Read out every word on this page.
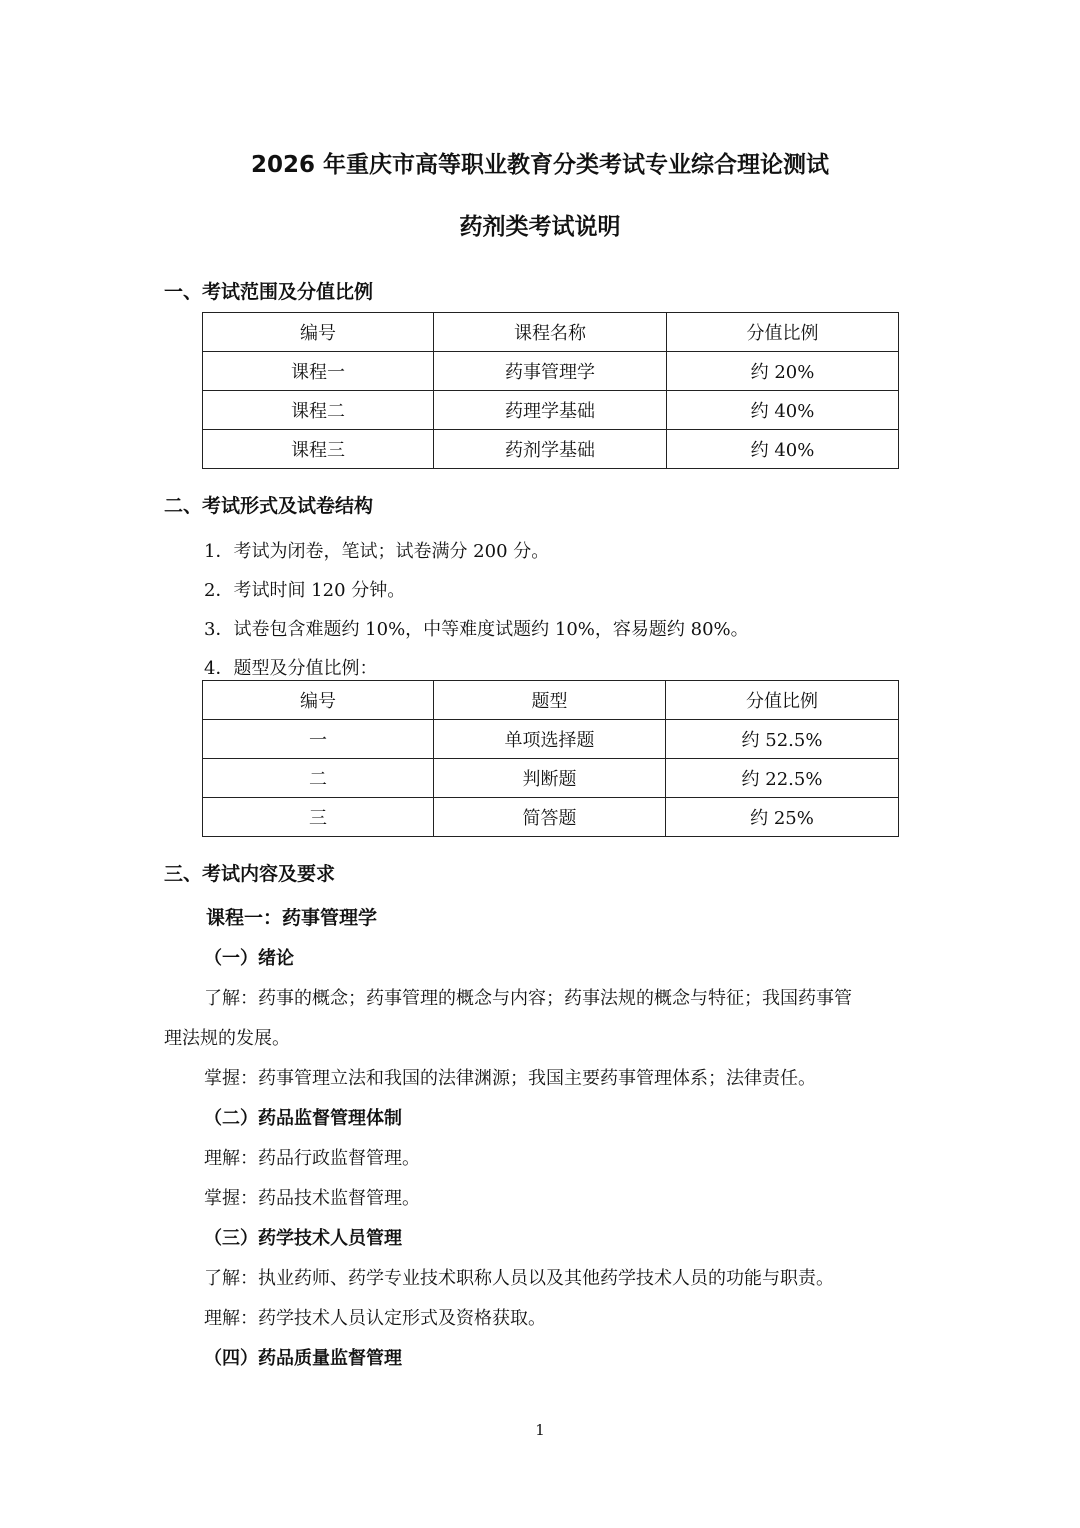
2026 年重庆市高等职业教育分类考试专业综合理论测试
药剂类考试说明
一、考试范围及分值比例
编号	课程名称	分值比例
课程一	药事管理学	约 20%
课程二	药理学基础	约 40%
课程三	药剂学基础	约 40%
二、考试形式及试卷结构
1．考试为闭卷，笔试；试卷满分 200 分。
2．考试时间 120 分钟。
3．试卷包含难题约 10%，中等难度试题约 10%，容易题约 80%。
4．题型及分值比例：
编号	题型	分值比例
一	单项选择题	约 52.5%
二	判断题	约 22.5%
三	简答题	约 25%
三、考试内容及要求
课程一：药事管理学
（一）绪论
了解：药事的概念；药事管理的概念与内容；药事法规的概念与特征；我国药事管
理法规的发展。
掌握：药事管理立法和我国的法律渊源；我国主要药事管理体系；法律责任。
（二）药品监督管理体制
理解：药品行政监督管理。
掌握：药品技术监督管理。
（三）药学技术人员管理
了解：执业药师、药学专业技术职称人员以及其他药学技术人员的功能与职责。
理解：药学技术人员认定形式及资格获取。
（四）药品质量监督管理
1
